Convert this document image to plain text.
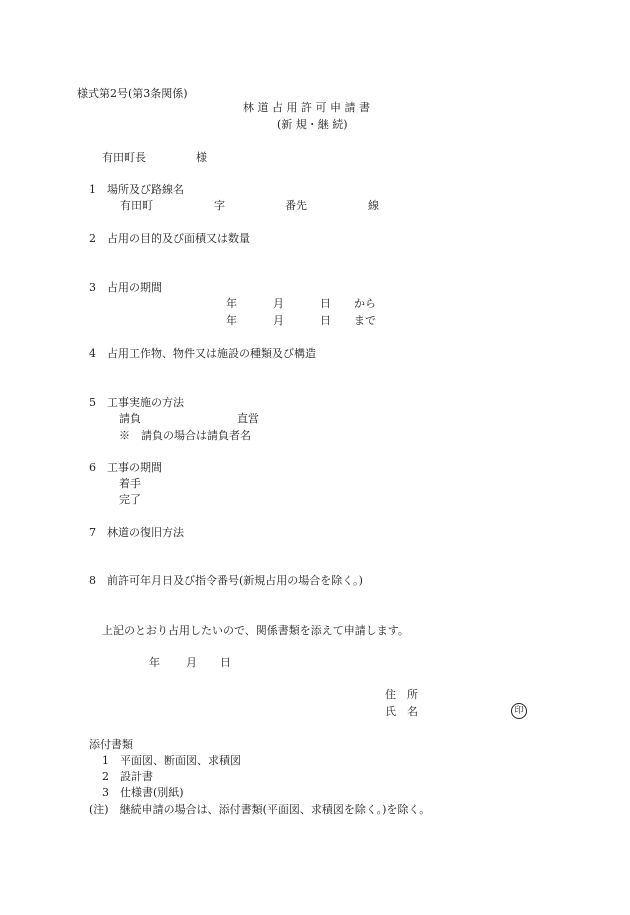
様式第2号(第3条関係)
林 道 占 用 許 可 申 請 書
(新 規・継 続)
有田町長	様
1　場所及び路線名
有田町	字	番先	線
2　占用の目的及び面積又は数量
3　占用の期間
年	月	日 から
年	月	日 まで
4　占用工作物、物件又は施設の種類及び構造
5　工事実施の方法
請負	直営
※　請負の場合は請負者名
6　工事の期間
着手
完了
7　林道の復旧方法
8　前許可年月日及び指令番号(新規占用の場合を除く。)
上記のとおり占用したいので、関係書類を添えて申請します。
年 月 日
住　所
氏　名	印
添付書類
1　平面図、断面図、求積図
2　設計書
3　仕様書(別紙)
(注)　継続申請の場合は、添付書類(平面図、求積図を除く。)を除く。
